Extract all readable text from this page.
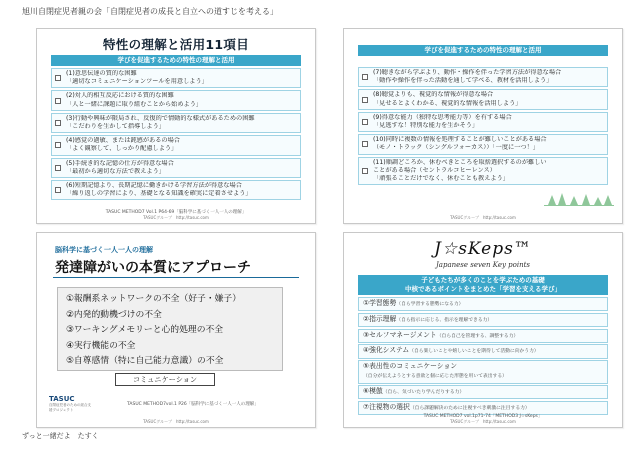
旭川自閉症児者親の会「自閉症児者の成長と自立への道すじを考える」
特性の理解と活用11項目
学びを促進するための特性の理解と活用
(1)意思伝達の質的な困難
「適切なコミュニケーションツールを用意しよう」
(2)対人的相互反応における質的な困難
「人と一緒に課題に取り組むことから始めよう」
(3)行動や興味が限局され、反復的で情動的な様式があるための困難
「こだわりを生かして指導しよう」
(4)感覚の過敏、または鈍感があるの場合
「よく観察して、しっかり配慮しよう」
(5)手続き的な記憶の仕方が得意な場合
「最初から適切な方法で教えよう」
(6)短期記憶より、長期記憶に働きかける学習方法が得意な場合
「繰り返しの学習により、基礎となる知識を確実に定着させよう」
TASUC METHOD7 Vol.1 P64-69「脳科学に基づく一人一人の理解」
TASUCグループ　http://tasuc.com
学びを促進するための特性の理解と活用
(7)聴きながら学ぶより、動作・操作を伴った学習方法が得意な場合
「動作や操作を伴った活動を通して学べる、教材を活用しよう」
(8)聴覚よりも、視覚的な情報が得意な場合
「見せるとよくわかる、視覚的な情報を活用しよう」
(9)得意な能力（独特な思考能力等）を有する場合
「見逃すな！特別な能力を生かそう」
(10)同時に複数の情報を処理することが難しいことがある場合
（モノ・トラック（シングルフォーカス））「一度に一つ！」
(11)順調どころか、休むべきところを取捨選択するのが難しい
ことがある場合（セントラルコヒーレンス）
「頑張ることだけでなく、休むことも教えよう」
TASUCグループ　http://tasuc.com
脳科学に基づく一人一人の理解
発達障がいの本質にアプローチ
①報酬系ネットワークの不全（好子・嫌子）
②内発的動機づけの不全
③ワーキングメモリーと心的処理の不全
④実行機能の不全
⑤自尊感情（特に自己能力意識）の不全
コミュニケーション
TASUC
自閉症児者のための総合支援プロジェクト
TASUC METHOD7vol.1 P26「脳科学に基づく一人一人の理解」
TASUCグループ　http://tasuc.com
J☆sKeps™
Japanese seven Key points
子どもたちが多くのことを学ぶための基礎
中核であるポイントをまとめた「学習を支える学び」
①学習態勢（自ら学習する態勢になる力）
②指示理解（自ら指示に応じる、指示を理解できる力）
③セルフマネージメント（自ら自己を管理する、調整する力）
④強化システム（自ら楽しいことや嬉しいことを期待して活動に向かう力）
⑤表出性のコミュニケーション
（自分が伝えようとする意欲と個に応じた形態を用いて表出する）
⑥模倣（自ら、気づいたり学んだりする力）
⑦注視物の選択（自ら課題解決のために注視すべき刺激に注目する力）
TASUC METHOD7 vol.1p71-74「METHOD3 J☆sKeps」
TASUCグループ　http://tasuc.com
ずっと一緒だよ　たすく
